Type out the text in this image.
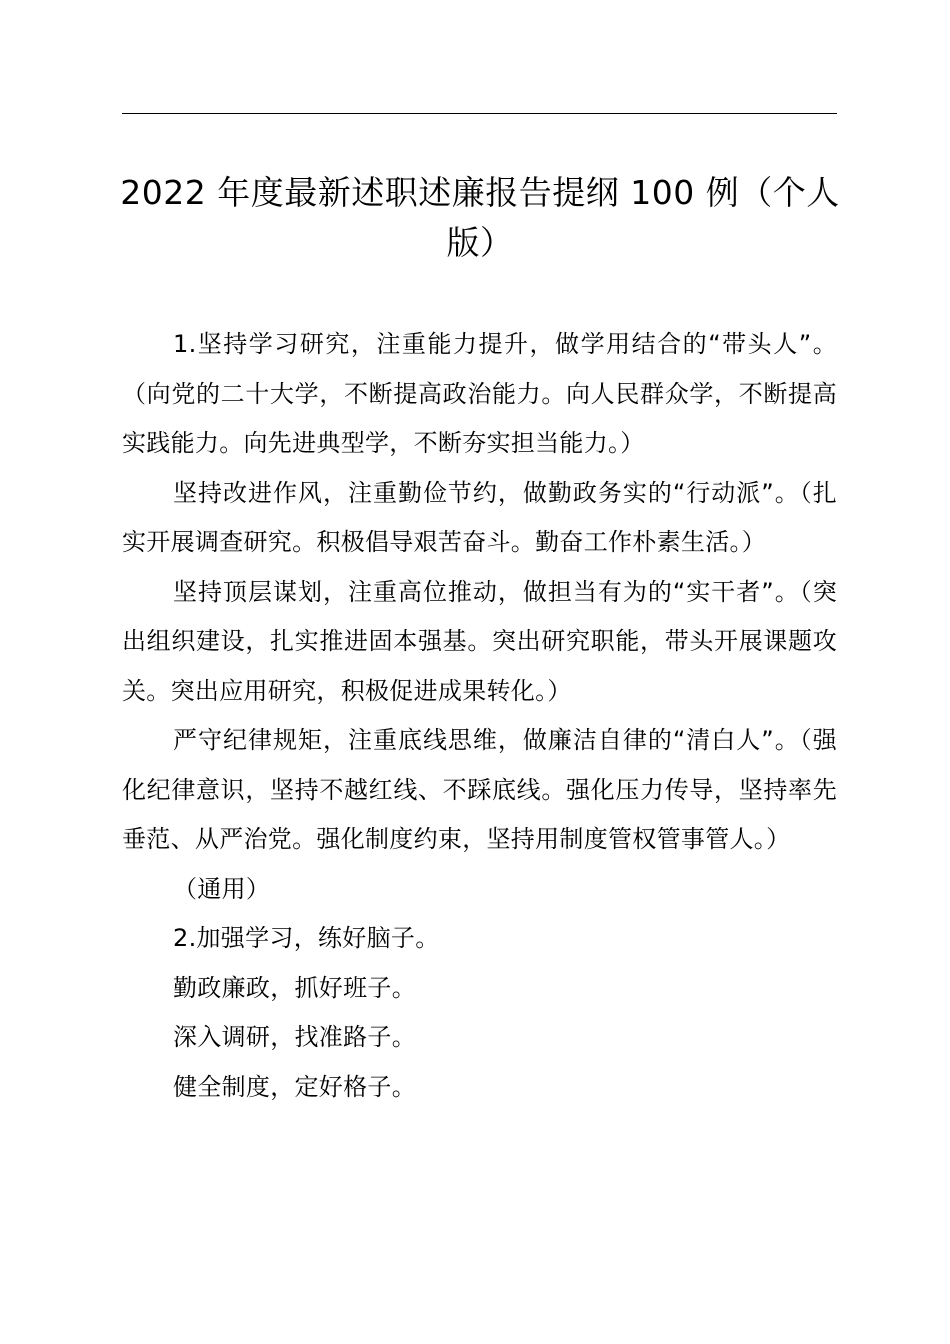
2022 年度最新述职述廉报告提纲 100 例（个人版）

1.坚持学习研究，注重能力提升，做学用结合的“带头人”。（向党的二十大学，不断提高政治能力。向人民群众学，不断提高实践能力。向先进典型学，不断夯实担当能力。）

坚持改进作风，注重勤俭节约，做勤政务实的“行动派”。（扎实开展调查研究。积极倡导艰苦奋斗。勤奋工作朴素生活。）

坚持顶层谋划，注重高位推动，做担当有为的“实干者”。（突出组织建设，扎实推进固本强基。突出研究职能，带头开展课题攻关。突出应用研究，积极促进成果转化。）

严守纪律规矩，注重底线思维，做廉洁自律的“清白人”。（强化纪律意识，坚持不越红线、不踩底线。强化压力传导，坚持率先垂范、从严治党。强化制度约束，坚持用制度管权管事管人。）

（通用）

2.加强学习，练好脑子。

勤政廉政，抓好班子。

深入调研，找准路子。

健全制度，定好格子。
